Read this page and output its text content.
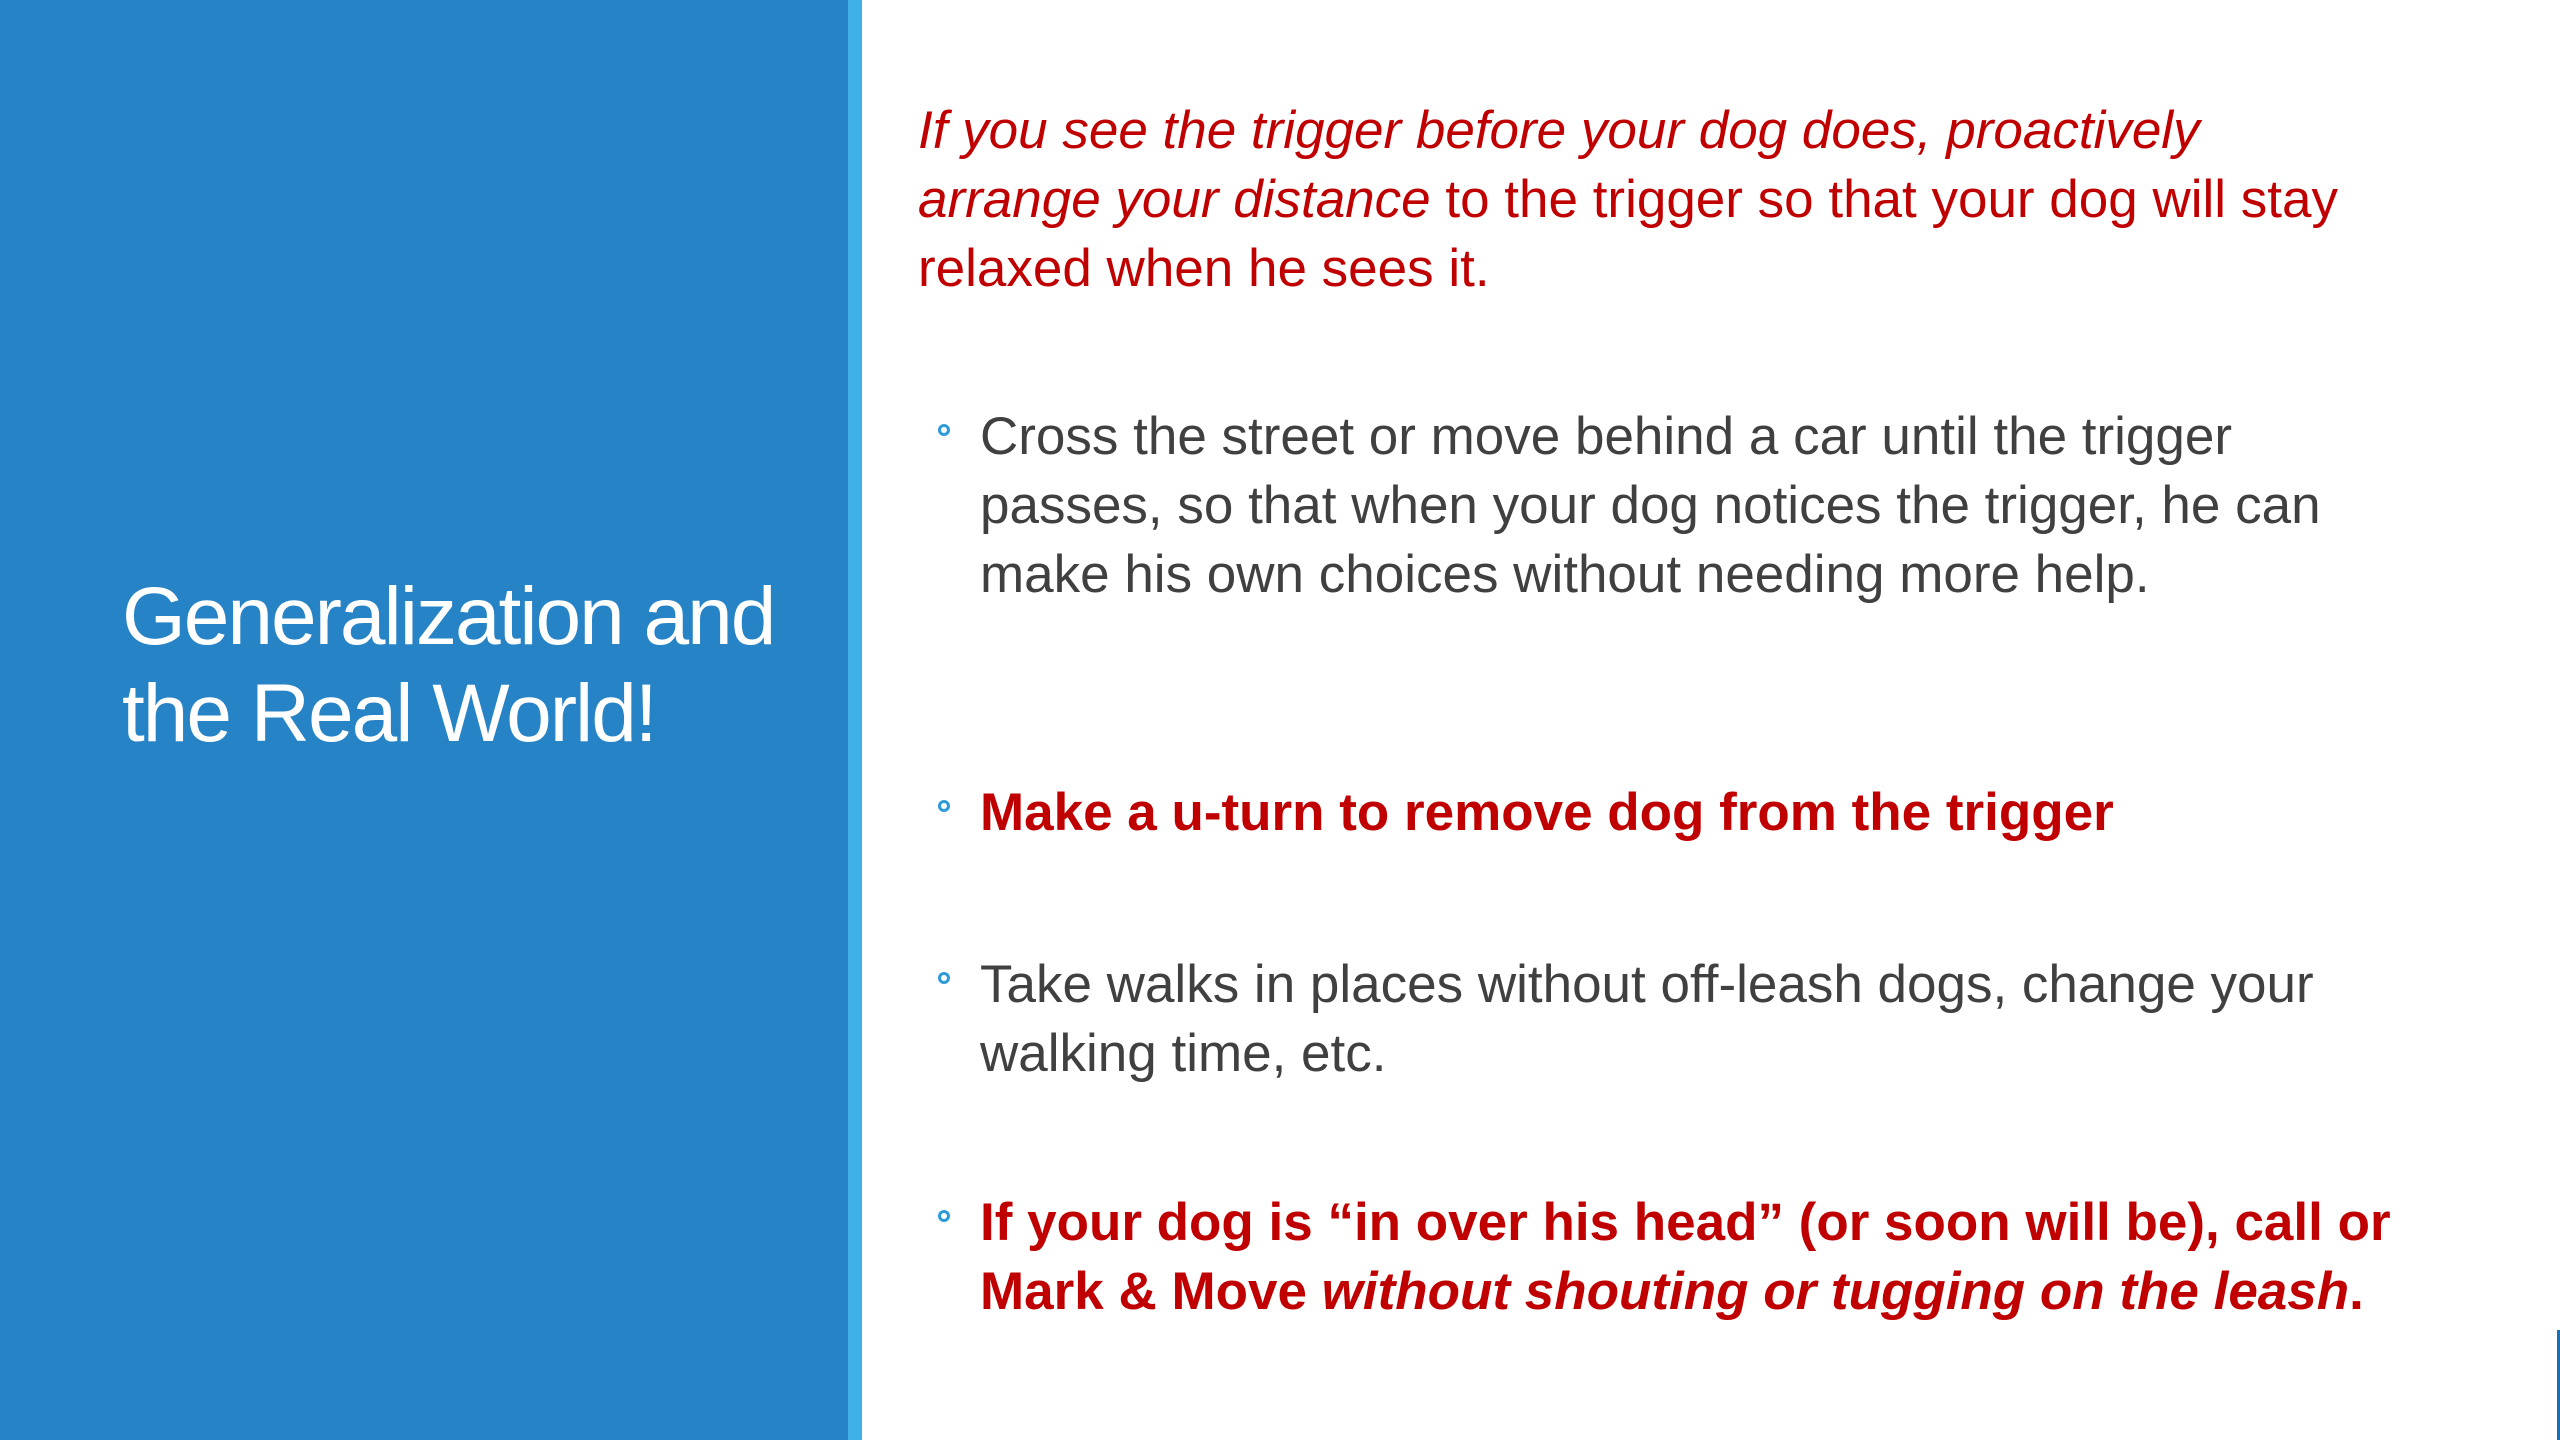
Generalization and the Real World!
If you see the trigger before your dog does, proactively arrange your distance to the trigger so that your dog will stay relaxed when he sees it.
Cross the street or move behind a car until the trigger passes, so that when your dog notices the trigger, he can make his own choices without needing more help.
Make a u-turn to remove dog from the trigger
Take walks in places without off-leash dogs, change your walking time, etc.
If your dog is “in over his head” (or soon will be), call or Mark & Move without shouting or tugging on the leash.
